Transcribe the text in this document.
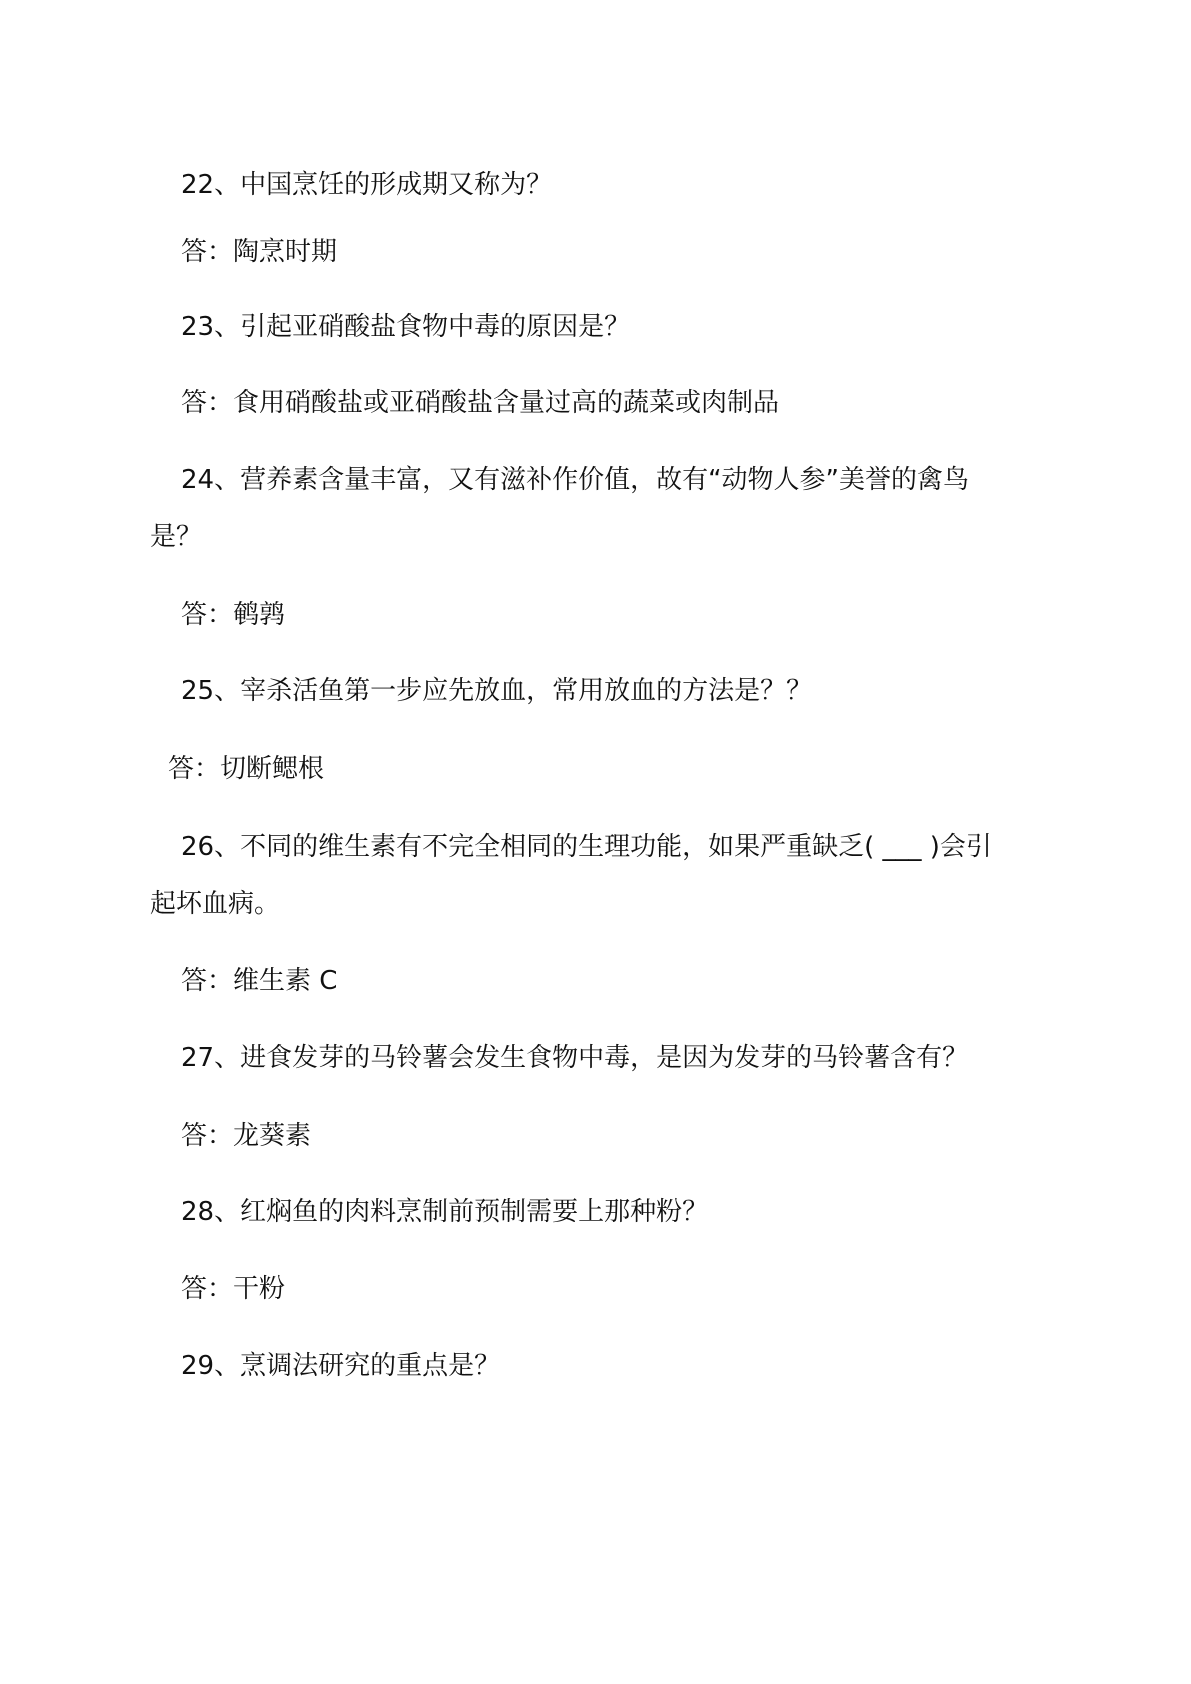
22、中国烹饪的形成期又称为？
答：陶烹时期
23、引起亚硝酸盐食物中毒的原因是？
答：食用硝酸盐或亚硝酸盐含量过高的蔬菜或肉制品
24、营养素含量丰富，又有滋补作价值，故有“动物人参”美誉的禽鸟
是？
答：鹌鹑
25、宰杀活鱼第一步应先放血，常用放血的方法是？？
答：切断鳃根
26、不同的维生素有不完全相同的生理功能，如果严重缺乏( ___ )会引
起坏血病。
答：维生素 C
27、进食发芽的马铃薯会发生食物中毒，是因为发芽的马铃薯含有？
答：龙葵素
28、红焖鱼的肉料烹制前预制需要上那种粉？
答：干粉
29、烹调法研究的重点是？
